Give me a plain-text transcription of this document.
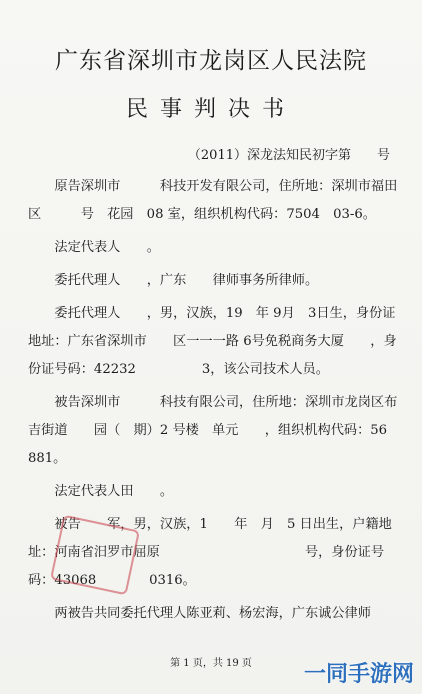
广东省深圳市龙岗区人民法院
民事判决书
（2011）深龙法知民初字第　　号

原告深圳市　　　科技开发有限公司，住所地：深圳市福田区　　　号　花园　08 室，组织机构代码：7504　03-6。

法定代表人　　。

委托代理人　　，广东　　律师事务所律师。

委托代理人　　，男，汉族，19　年 9月　3日生，身份证地址：广东省深圳市　　区一一一路 6号免税商务大厦　　，身份证号码：42232　　　　　3，该公司技术人员。

被告深圳市　　　科技有限公司，住所地：深圳市龙岗区布吉街道　　园（　期）2 号楼　单元　　，组织机构代码：56　　881。

法定代表人田　　。

被告　　军，男，汉族，1　　年　月　5 日出生，户籍地址：河南省汨罗市屈原　　　　　　　　　　　号，身份证号码：43068　　　　0316。

两被告共同委托代理人陈亚莉、杨宏海，广东诚公律师

第 1 页，共 19 页	一同手游网
